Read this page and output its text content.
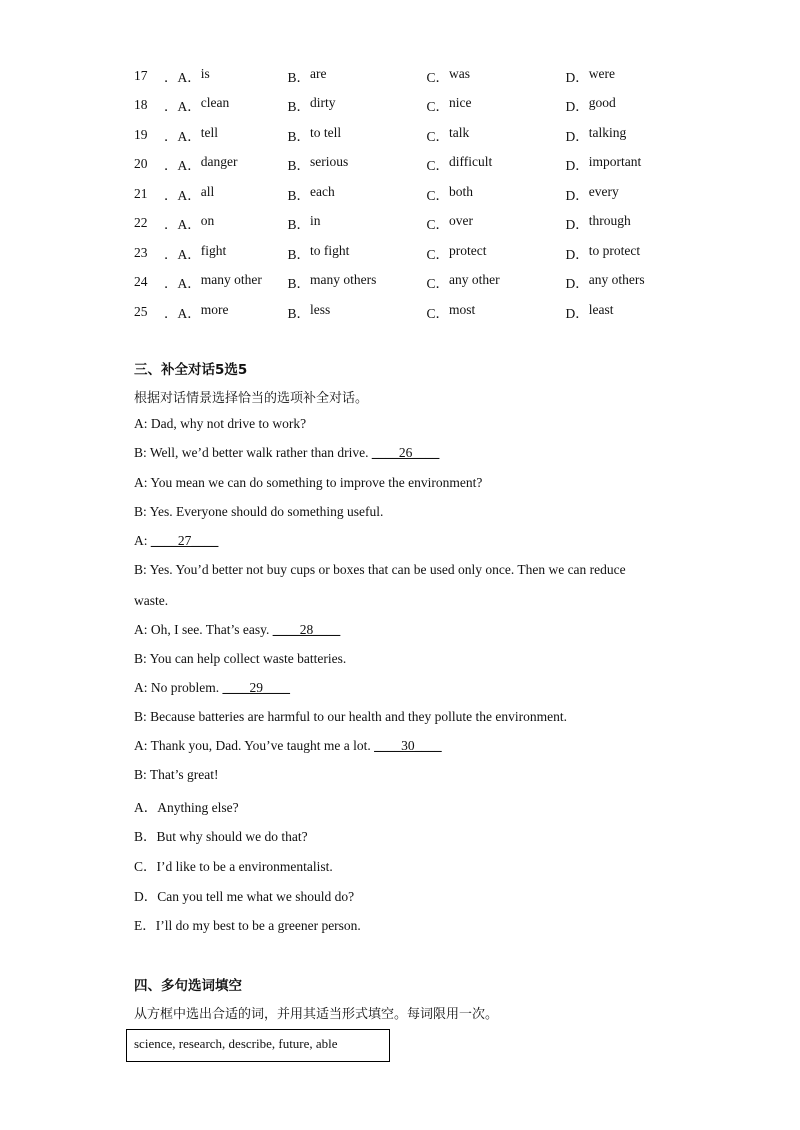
17	． A． is	B． are	C． was	D． were
18	． A． clean	B． dirty	C． nice	D． good
19	． A． tell	B． to tell	C． talk	D． talking
20	． A． danger	B． serious	C． difficult	D． important
21	． A． all	B． each	C． both	D． every
22	． A． on	B． in	C． over	D． through
23	． A． fight	B． to fight	C． protect	D． to protect
24	． A． many other B． many others	C． any other	D． any others
25	． A． more	B． less	C． most	D． least
三、补全对话5选5
根据对话情景选择恰当的选项补全对话。
A: Dad, why not drive to work?
B: Well, we’d better walk rather than drive. ____26____
A: You mean we can do something to improve the environment?
B: Yes. Everyone should do something useful.
A: ____27____
B: Yes. You’d better not buy cups or boxes that can be used only once. Then we can reduce
waste.
A: Oh, I see. That’s easy. ____28____
B: You can help collect waste batteries.
A: No problem. ____29____
B: Because batteries are harmful to our health and they pollute the environment.
A: Thank you, Dad. You’ve taught me a lot. ____30____
B: That’s great!
A．Anything else?
B．But why should we do that?
C．I’d like to be a environmentalist.
D．Can you tell me what we should do?
E．I’ll do my best to be a greener person.
四、多句选词填空
从方框中选出合适的词，并用其适当形式填空。每词限用一次。
science, research, describe, future, able
